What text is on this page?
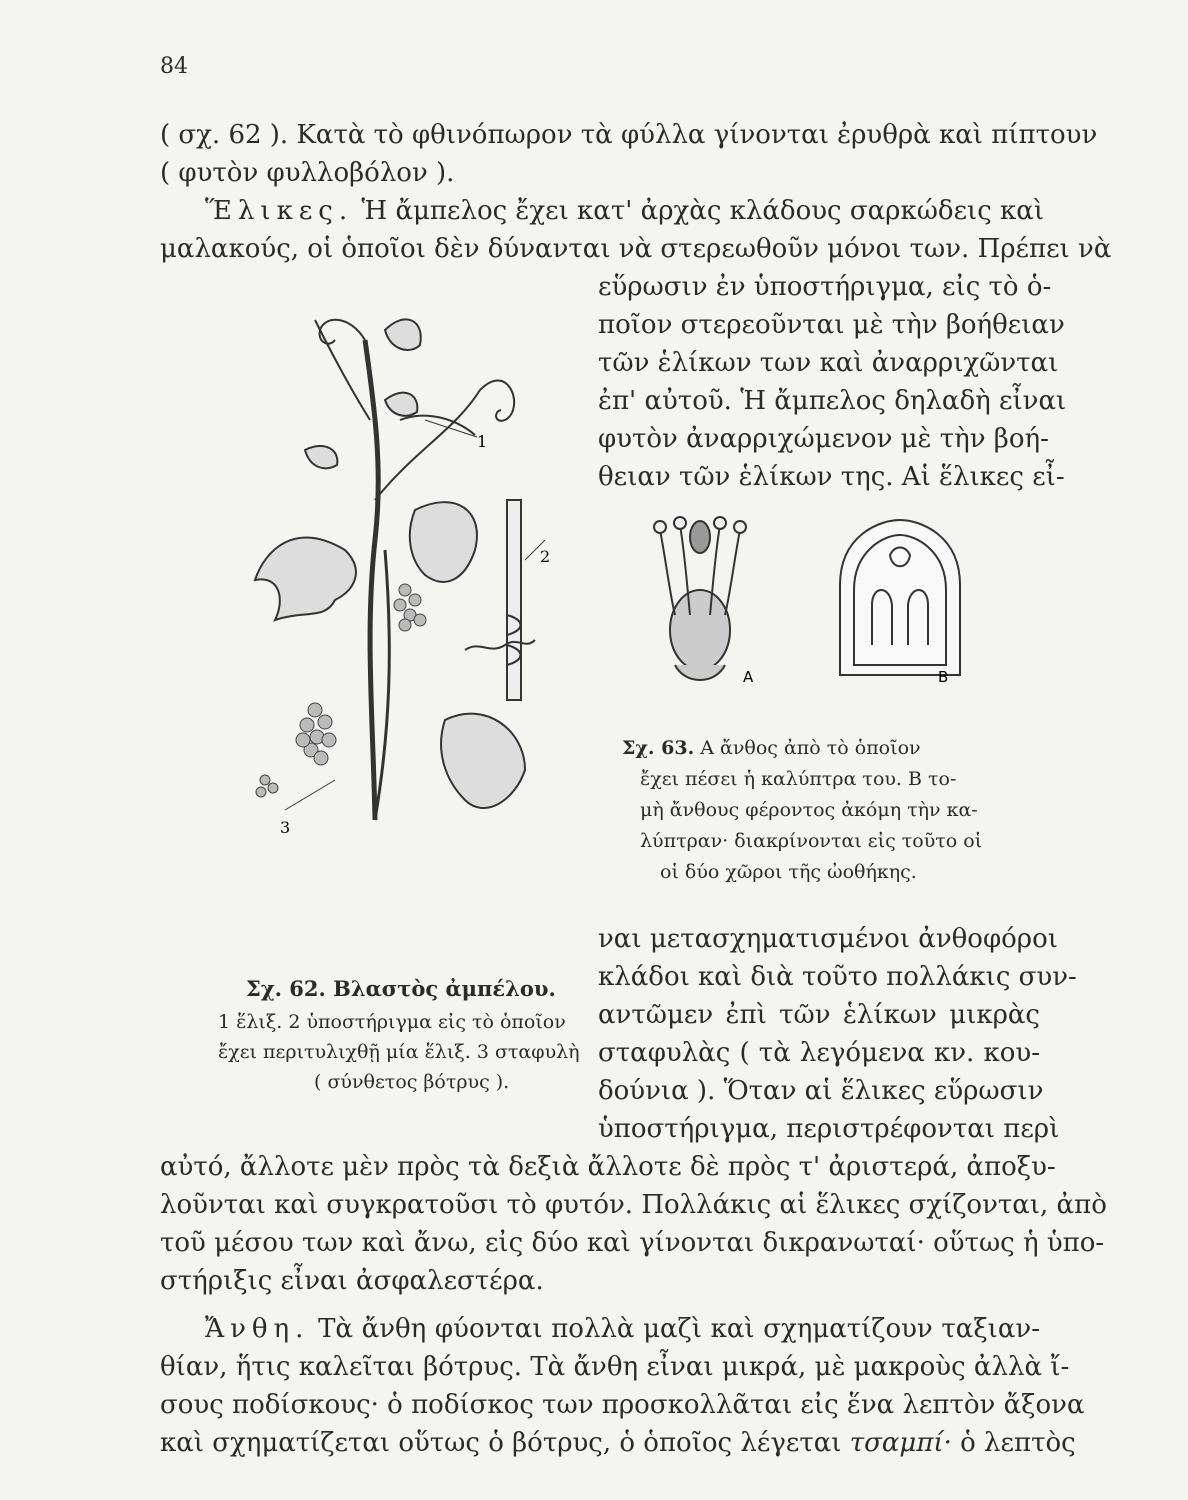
84
( σχ. 62 ). Κατὰ τὸ φθινόπωρον τὰ φύλλα γίνονται ἐρυθρὰ καὶ πίπτουν
( φυτὸν φυλλοβόλον ).
Ἕλικες. Ἡ ἄμπελος ἔχει κατ' ἀρχὰς κλάδους σαρκώδεις καὶ
μαλακούς, οἱ ὁποῖοι δὲν δύνανται νὰ στερεωθοῦν μόνοι των. Πρέπει νὰ
εὕρωσιν ἐν ὑποστήριγμα, εἰς τὸ ὁ-
ποῖον στερεοῦνται μὲ τὴν βοήθειαν
τῶν ἑλίκων των καὶ ἀναρριχῶνται
ἐπ' αὐτοῦ. Ἡ ἄμπελος δηλαδὴ εἶναι
φυτὸν ἀναρριχώμενον μὲ τὴν βοή-
θειαν τῶν ἑλίκων της. Αἱ ἕλικες εἶ-
1
2
3
A	B
Σχ. 63. A ἄνθος ἀπὸ τὸ ὁποῖον
ἔχει πέσει ἡ καλύπτρα του. B το-
μὴ ἄνθους φέροντος ἀκόμη τὴν κα-
λύπτραν· διακρίνονται εἰς τοῦτο οἱ
οἱ δύο χῶροι τῆς ὠοθήκης.
Σχ. 62. Βλαστὸς ἀμπέλου.
1 ἕλιξ. 2 ὑποστήριγμα εἰς τὸ ὁποῖον
ἔχει περιτυλιχθῇ μία ἕλιξ. 3 σταφυλὴ
( σύνθετος βότρυς ).
ναι μετασχηματισμένοι ἀνθοφόροι
κλάδοι καὶ διὰ τοῦτο πολλάκις συν-
αντῶμεν ἐπὶ τῶν ἑλίκων μικρὰς
σταφυλὰς ( τὰ λεγόμενα κν. κου-
δούνια ). Ὅταν αἱ ἕλικες εὕρωσιν
ὑποστήριγμα, περιστρέφονται περὶ
αὐτό, ἄλλοτε μὲν πρὸς τὰ δεξιὰ ἄλλοτε δὲ πρὸς τ' ἀριστερά, ἀποξυ-
λοῦνται καὶ συγκρατοῦσι τὸ φυτόν. Πολλάκις αἱ ἕλικες σχίζονται, ἀπὸ
τοῦ μέσου των καὶ ἄνω, εἰς δύο καὶ γίνονται δικρανωταί· οὕτως ἡ ὑπο-
στήριξις εἶναι ἀσφαλεστέρα.
Ἄνθη. Τὰ ἄνθη φύονται πολλὰ μαζὶ καὶ σχηματίζουν ταξιαν-
θίαν, ἥτις καλεῖται βότρυς. Τὰ ἄνθη εἶναι μικρά, μὲ μακροὺς ἀλλὰ ἴ-
σους ποδίσκους· ὁ ποδίσκος των προσκολλᾶται εἰς ἕνα λεπτὸν ἄξονα
καὶ σχηματίζεται οὕτως ὁ βότρυς, ὁ ὁποῖος λέγεται τσαμπί· ὁ λεπτὸς
